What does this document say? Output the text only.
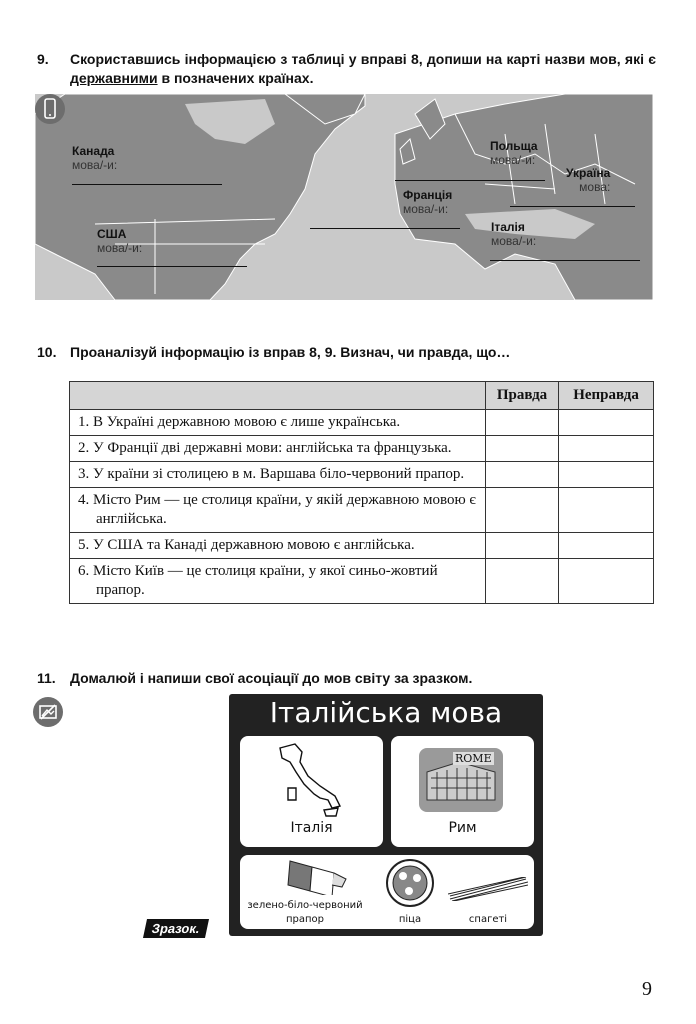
9. Скориставшись інформацією з таблиці у вправі 8, допиши на карті назви мов, які є державними в позначених країнах.
Канада
мова/-и:
США
мова/-и:
Польща
мова/-и:
Україна
мова:
Франція
мова/-и:
Італія
мова/-и:
10. Проаналізуй інформацію із вправ 8, 9. Визнач, чи правда, що…
	Правда	Неправда
1. В Україні державною мовою є лише українська.		
2. У Франції дві державні мови: англійська та французька.		
3. У країни зі столицею в м. Варшава біло-червоний прапор.		
4. Місто Рим — це столиця країни, у якій державною мовою є англійська.		
5. У США та Канаді державною мовою є англійська.		
6. Місто Київ — це столиця країни, у якої синьо-жовтий прапор.		
11. Домалюй і напиши свої асоціації до мов світу за зразком.
Зразок.
Італійська мова
Італія
ROME
Рим
зелено-біло-червоний прапор	піца	спагеті
9
